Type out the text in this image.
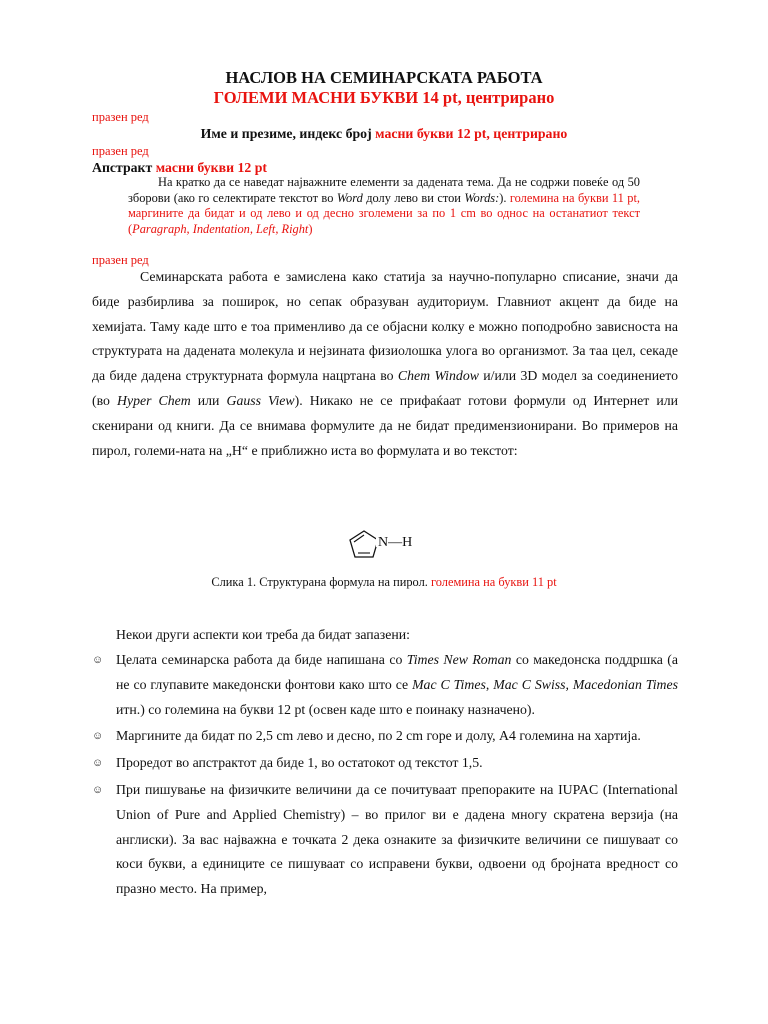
НАСЛОВ НА СЕМИНАРСКАТА РАБОТА
ГОЛЕМИ МАСНИ БУКВИ 14 pt, центрирано
празен ред
Име и презиме, индекс број масни букви 12 pt, центрирано
празен ред
Апстракт масни букви 12 pt
На кратко да се наведат најважните елементи за дадената тема. Да не содржи повеќе од 50 зборови (ако го селектирате текстот во Word долу лево ви стои Words:). големина на букви 11 pt, маргините да бидат и од лево и од десно зголемени за по 1 cm во однос на останатиот текст (Paragraph, Indentation, Left, Right)
празен ред

Семинарската работа е замислена како статија за научно-популарно списание, значи да биде разбирлива за поширок, но сепак образуван аудиториум. Главниот акцент да биде на хемијата. Таму каде што е тоа применливо да се објасни колку е можно поподробно зависноста на структурата на дадената молекула и нејзината физиолошка улога во организмот. За таа цел, секаде да биде дадена структурната формула нацртана во Chem Window и/или 3D модел за соединението (во Hyper Chem или Gauss View). Никако не се прифаќаат готови формули од Интернет или скенирани од книги. Да се внимава формулите да не бидат предимензионирани. Во примеров на пирол, големи-ната на „H“ е приближно иста во формулата и во текстот:

N—H
Слика 1. Структурана формула на пирол. големина на букви 11 pt
Некои други аспекти кои треба да бидат запазени:
☺ Целата семинарска работа да биде напишана со Times New Roman со македонска поддршка (а не со глупавите македонски фонтови како што се Mac C Times, Mac C Swiss, Macedonian Times итн.) со големина на букви 12 pt (освен каде што е поинаку назначено).
☺ Маргините да бидат по 2,5 cm лево и десно, по 2 cm горе и долу, A4 големина на хартија.
☺ Проредот во апстрактот да биде 1, во остатокот од текстот 1,5.
☺ При пишување на физичките величини да се почитуваат препораките на IUPAC (International Union of Pure and Applied Chemistry) – во прилог ви е дадена многу скратена верзија (на англиски). За вас најважна е точката 2 дека ознаките за физичките величини се пишуваат со коси букви, а единиците се пишуваат со исправени букви, одвоени од бројната вредност со празно место. На пример,
